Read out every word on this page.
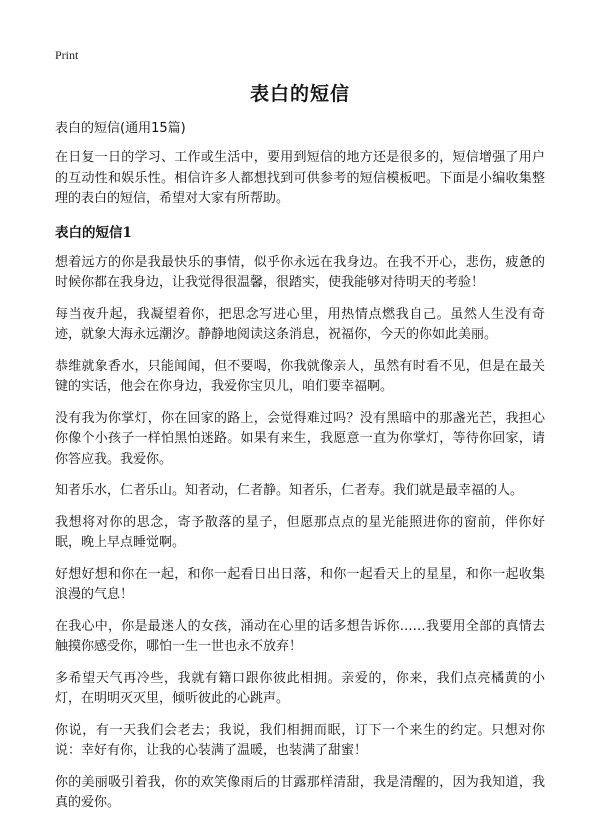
Print
表白的短信
表白的短信(通用15篇)

在日复一日的学习、工作或生活中，要用到短信的地方还是很多的，短信增强了用户的互动性和娱乐性。相信许多人都想找到可供参考的短信模板吧。下面是小编收集整理的表白的短信，希望对大家有所帮助。

表白的短信1

想着远方的你是我最快乐的事情，似乎你永远在我身边。在我不开心，悲伤，疲惫的时候你都在我身边，让我觉得很温馨，很踏实，使我能够对待明天的考验！

每当夜升起，我凝望着你，把思念写进心里，用热情点燃我自己。虽然人生没有奇迹，就象大海永远潮汐。静静地阅读这条消息，祝福你，今天的你如此美丽。

恭维就象香水，只能闻闻，但不要喝，你我就像亲人，虽然有时看不见，但是在最关键的实话，他会在你身边，我爱你宝贝儿，咱们要幸福啊。

没有我为你掌灯，你在回家的路上，会觉得难过吗？没有黑暗中的那盏光芒，我担心你像个小孩子一样怕黑怕迷路。如果有来生，我愿意一直为你掌灯，等待你回家，请你答应我。我爱你。

知者乐水，仁者乐山。知者动，仁者静。知者乐，仁者寿。我们就是最幸福的人。

我想将对你的思念，寄予散落的星子，但愿那点点的星光能照进你的窗前，伴你好眠，晚上早点睡觉啊。

好想好想和你在一起，和你一起看日出日落，和你一起看天上的星星，和你一起收集浪漫的气息！

在我心中，你是最迷人的女孩，涌动在心里的话多想告诉你……我要用全部的真情去触摸你感受你，哪怕一生一世也永不放弃！

多希望天气再冷些，我就有籍口跟你彼此相拥。亲爱的，你来，我们点亮橘黄的小灯，在明明灭灭里，倾听彼此的心跳声。

你说，有一天我们会老去；我说，我们相拥而眠，订下一个来生的约定。只想对你说：幸好有你，让我的心装满了温暖，也装满了甜蜜！

你的美丽吸引着我，你的欢笑像雨后的甘露那样清甜，我是清醒的，因为我知道，我真的爱你。
